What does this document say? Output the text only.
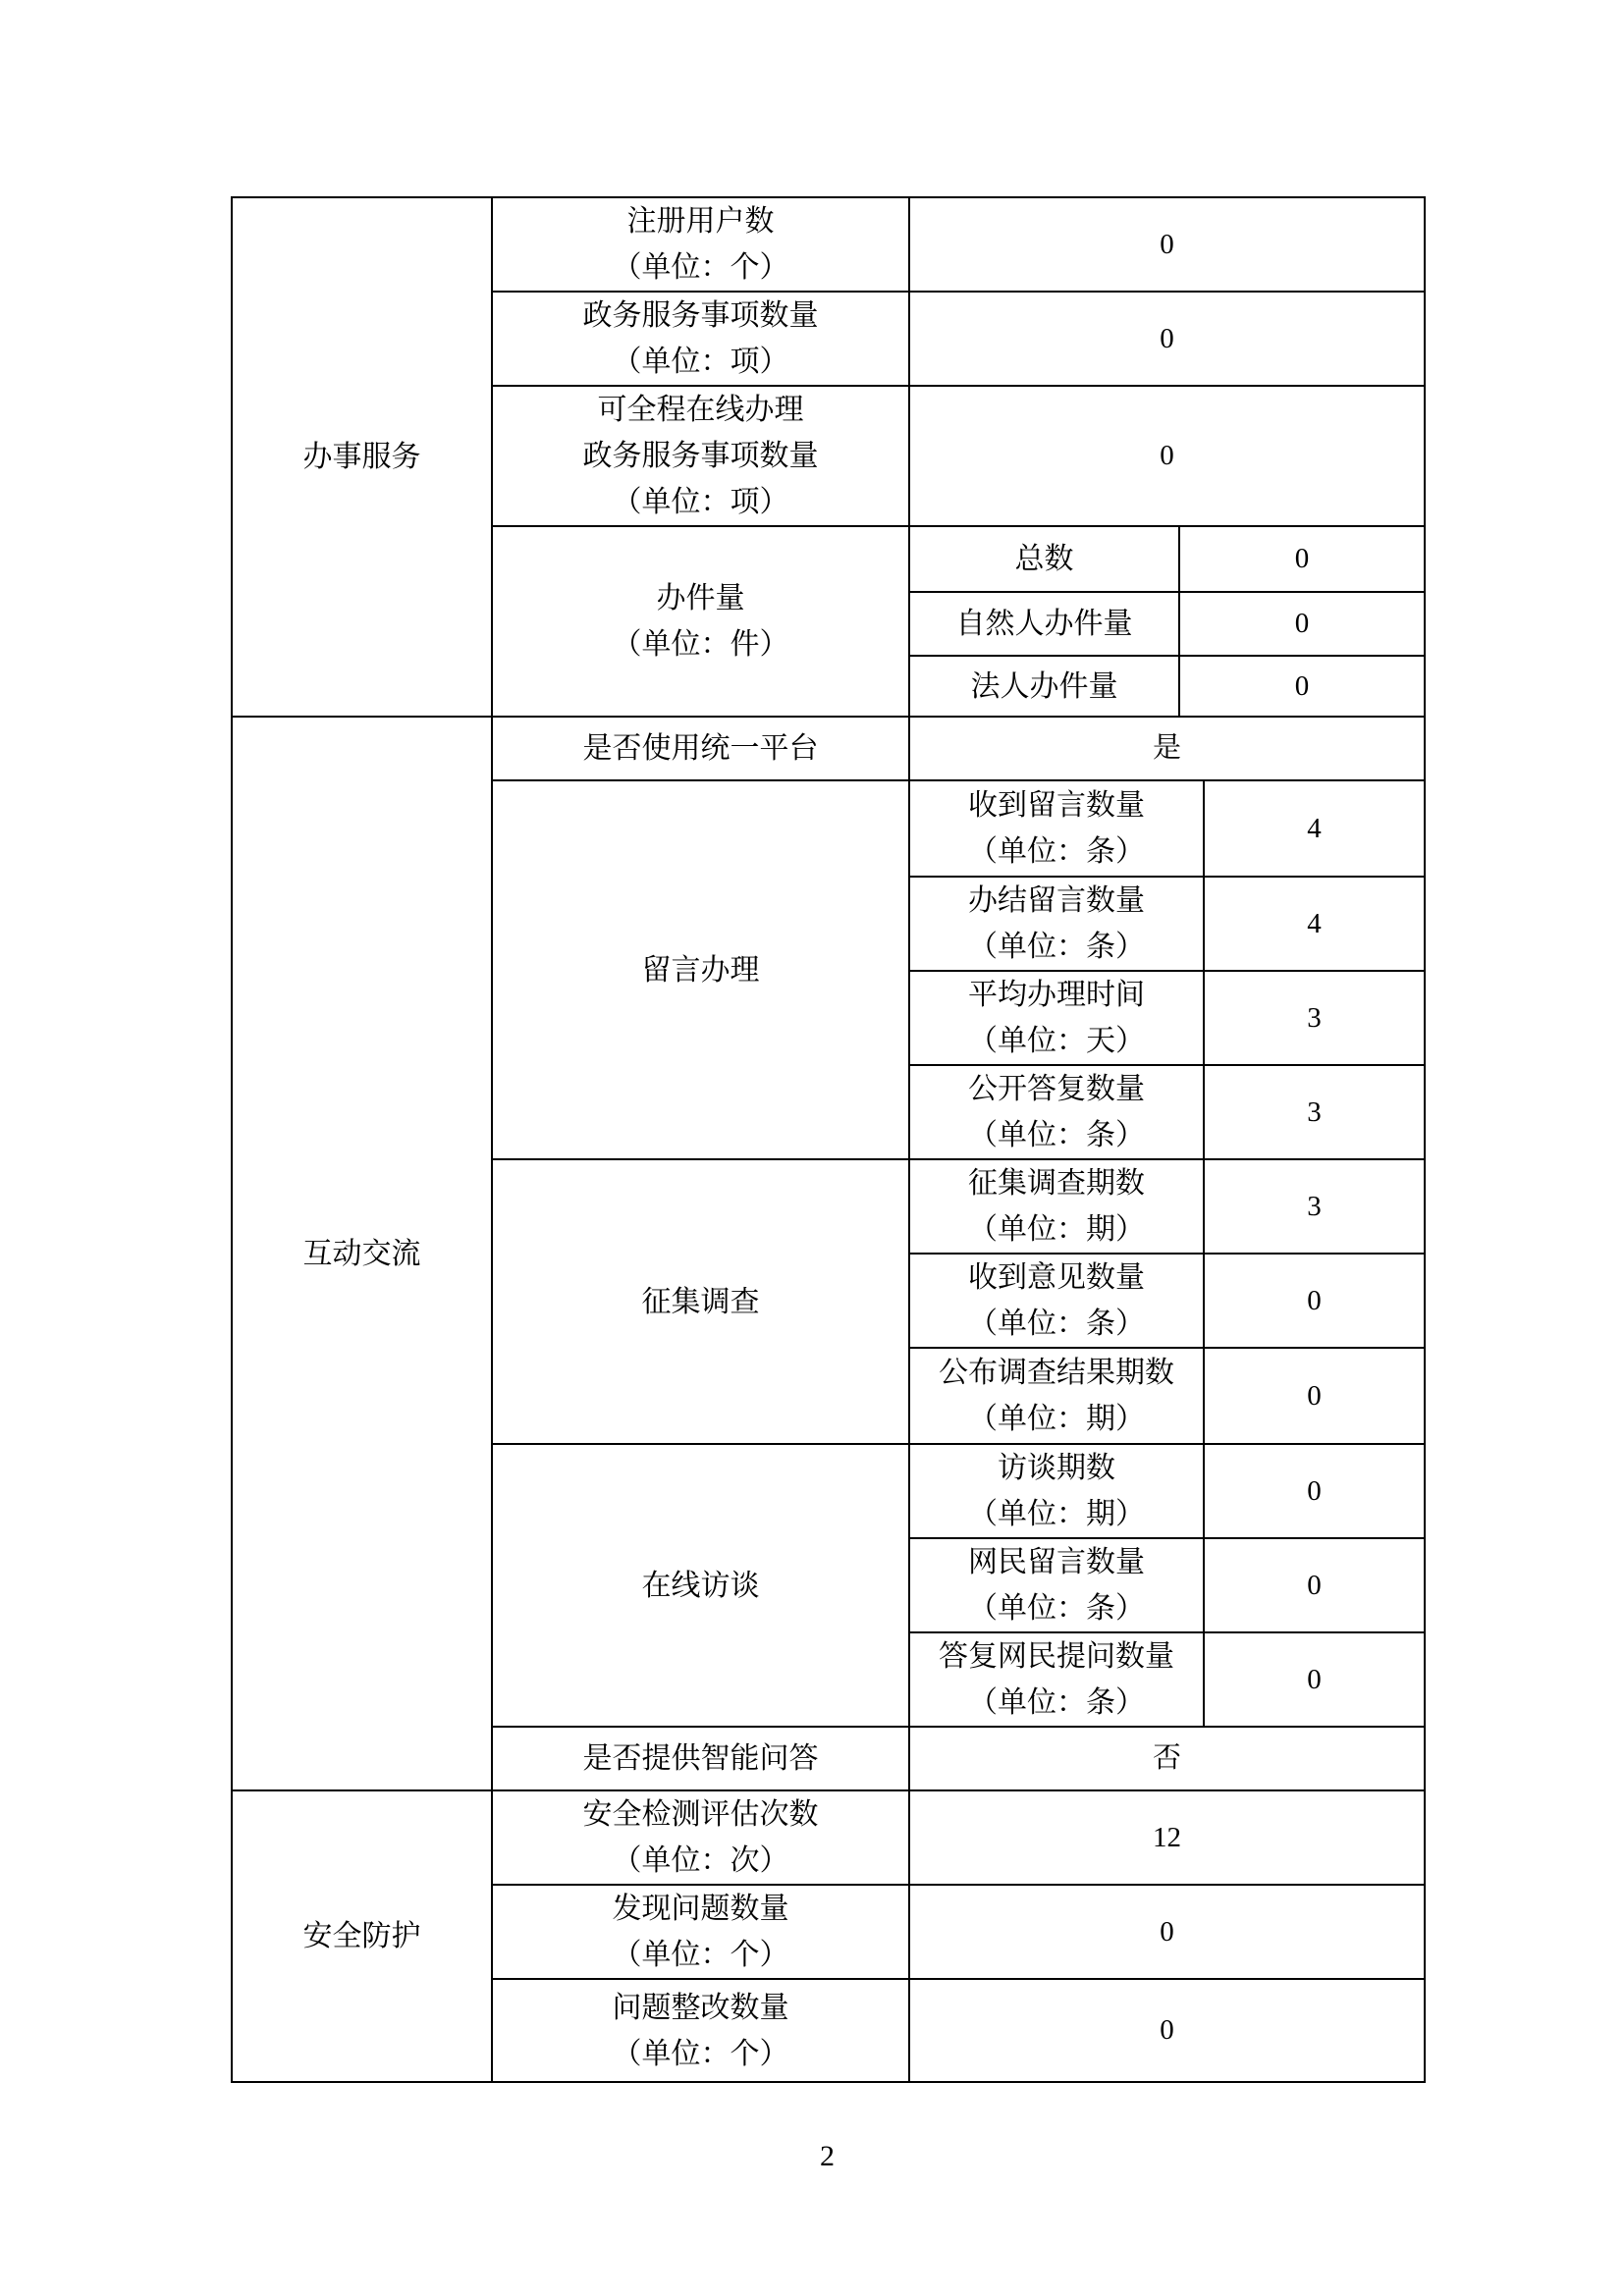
办事服务	注册用户数
（单位：个）	0		

	政务服务事项数量
（单位：项）	0		

	可全程在线办理
政务服务事项数量
（单位：项）	0		

	办件量
（单位：件）	总数	0	

		自然人办件量	0	

		法人办件量	0	

互动交流	是否使用统一平台	是		

	留言办理	收到留言数量
（单位：条）		4

		办结留言数量
（单位：条）		4

		平均办理时间
（单位：天）		3

		公开答复数量
（单位：条）		3

	征集调查	征集调查期数
（单位：期）		3

		收到意见数量
（单位：条）		0

		公布调查结果期数
（单位：期）		0

	在线访谈	访谈期数
（单位：期）		0

		网民留言数量
（单位：条）		0

		答复网民提问数量
（单位：条）		0

	是否提供智能问答	否		

安全防护	安全检测评估次数
（单位：次）	12		

	发现问题数量
（单位：个）	0		

	问题整改数量
（单位：个）	0		
2
